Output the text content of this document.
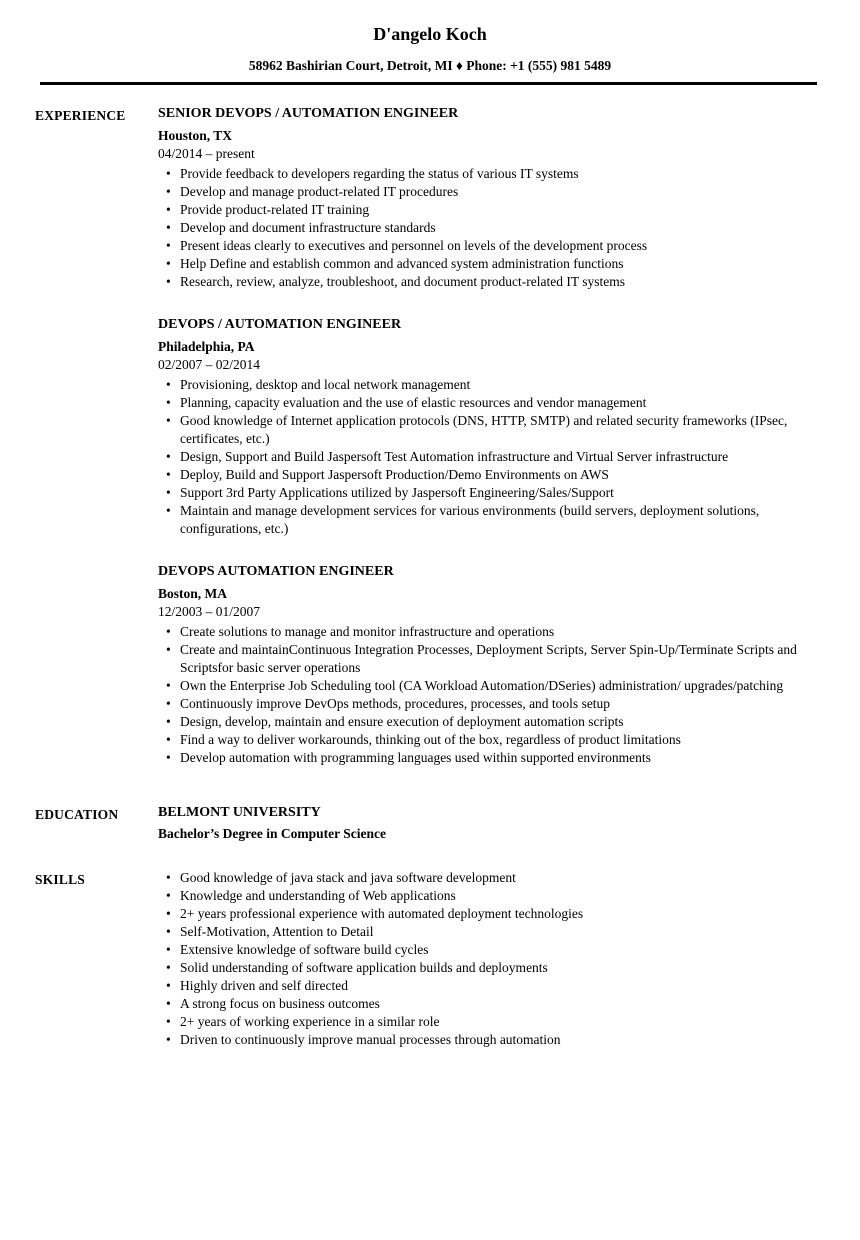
D'angelo Koch
58962 Bashirian Court, Detroit, MI ♦ Phone: +1 (555) 981 5489
EXPERIENCE	SENIOR DEVOPS / AUTOMATION ENGINEER
Houston, TX
04/2014 – present
• Provide feedback to developers regarding the status of various IT systems
• Develop and manage product-related IT procedures
• Provide product-related IT training
• Develop and document infrastructure standards
• Present ideas clearly to executives and personnel on levels of the development process
• Help Define and establish common and advanced system administration functions
• Research, review, analyze, troubleshoot, and document product-related IT systems
DEVOPS / AUTOMATION ENGINEER
Philadelphia, PA
02/2007 – 02/2014
• Provisioning, desktop and local network management
• Planning, capacity evaluation and the use of elastic resources and vendor management
• Good knowledge of Internet application protocols (DNS, HTTP, SMTP) and related security frameworks (IPsec, certificates, etc.)
• Design, Support and Build Jaspersoft Test Automation infrastructure and Virtual Server infrastructure
• Deploy, Build and Support Jaspersoft Production/Demo Environments on AWS
• Support 3rd Party Applications utilized by Jaspersoft Engineering/Sales/Support
• Maintain and manage development services for various environments (build servers, deployment solutions, configurations, etc.)
DEVOPS AUTOMATION ENGINEER
Boston, MA
12/2003 – 01/2007
• Create solutions to manage and monitor infrastructure and operations
• Create and maintainContinuous Integration Processes, Deployment Scripts, Server Spin-Up/Terminate Scripts and Scriptsfor basic server operations
• Own the Enterprise Job Scheduling tool (CA Workload Automation/DSeries) administration/ upgrades/patching
• Continuously improve DevOps methods, procedures, processes, and tools setup
• Design, develop, maintain and ensure execution of deployment automation scripts
• Find a way to deliver workarounds, thinking out of the box, regardless of product limitations
• Develop automation with programming languages used within supported environments
EDUCATION	BELMONT UNIVERSITY
Bachelor’s Degree in Computer Science
SKILLS	• Good knowledge of java stack and java software development
• Knowledge and understanding of Web applications
• 2+ years professional experience with automated deployment technologies
• Self-Motivation, Attention to Detail
• Extensive knowledge of software build cycles
• Solid understanding of software application builds and deployments
• Highly driven and self directed
• A strong focus on business outcomes
• 2+ years of working experience in a similar role
• Driven to continuously improve manual processes through automation
